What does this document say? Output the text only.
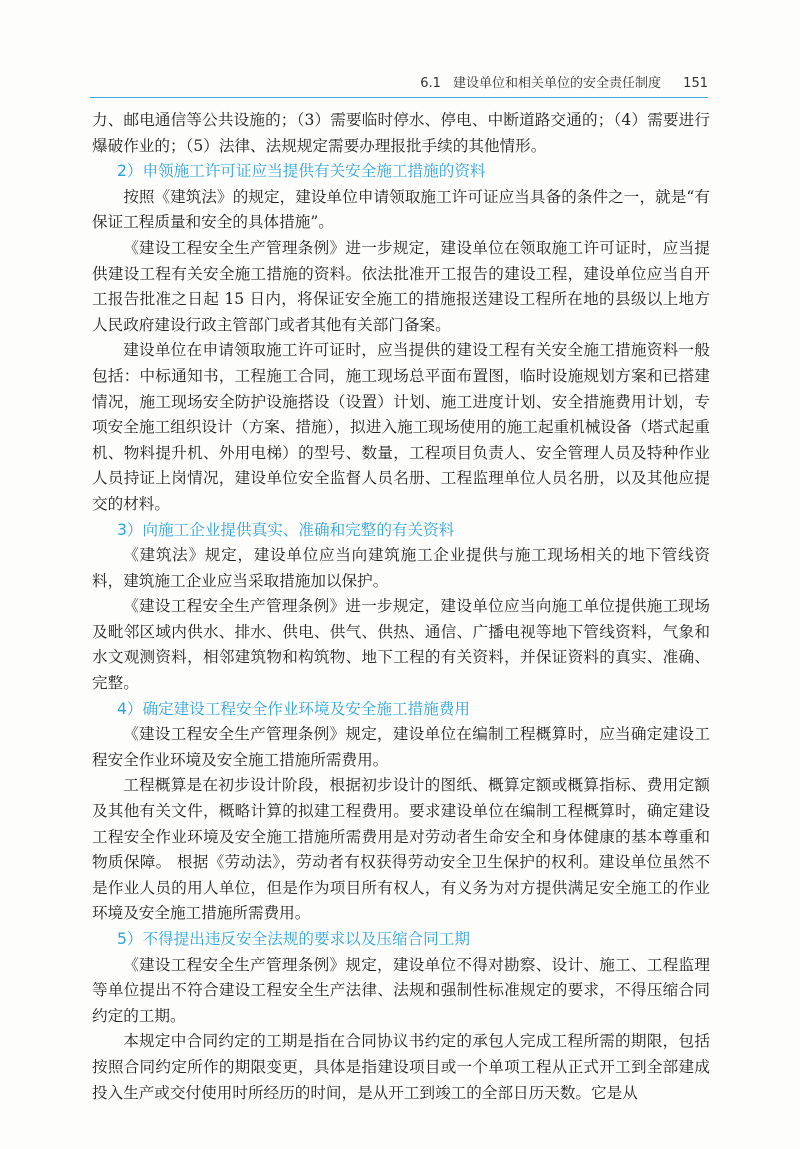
6.1 建设单位和相关单位的安全责任制度 151

力、邮电通信等公共设施的；（3）需要临时停水、停电、中断道路交通的；（4）需要进行爆破作业的；（5）法律、法规规定需要办理报批手续的其他情形。

2）申领施工许可证应当提供有关安全施工措施的资料

按照《建筑法》的规定，建设单位申请领取施工许可证应当具备的条件之一，就是“有保证工程质量和安全的具体措施”。

《建设工程安全生产管理条例》进一步规定，建设单位在领取施工许可证时，应当提供建设工程有关安全施工措施的资料。依法批准开工报告的建设工程，建设单位应当自开工报告批准之日起 15 日内，将保证安全施工的措施报送建设工程所在地的县级以上地方人民政府建设行政主管部门或者其他有关部门备案。

建设单位在申请领取施工许可证时，应当提供的建设工程有关安全施工措施资料一般包括：中标通知书，工程施工合同，施工现场总平面布置图，临时设施规划方案和已搭建情况，施工现场安全防护设施搭设（设置）计划、施工进度计划、安全措施费用计划，专项安全施工组织设计（方案、措施），拟进入施工现场使用的施工起重机械设备（塔式起重机、物料提升机、外用电梯）的型号、数量，工程项目负责人、安全管理人员及特种作业人员持证上岗情况，建设单位安全监督人员名册、工程监理单位人员名册，以及其他应提交的材料。

3）向施工企业提供真实、准确和完整的有关资料

《建筑法》规定，建设单位应当向建筑施工企业提供与施工现场相关的地下管线资料，建筑施工企业应当采取措施加以保护。

《建设工程安全生产管理条例》进一步规定，建设单位应当向施工单位提供施工现场及毗邻区域内供水、排水、供电、供气、供热、通信、广播电视等地下管线资料，气象和水文观测资料，相邻建筑物和构筑物、地下工程的有关资料，并保证资料的真实、准确、完整。

4）确定建设工程安全作业环境及安全施工措施费用

《建设工程安全生产管理条例》规定，建设单位在编制工程概算时，应当确定建设工程安全作业环境及安全施工措施所需费用。

工程概算是在初步设计阶段，根据初步设计的图纸、概算定额或概算指标、费用定额及其他有关文件，概略计算的拟建工程费用。要求建设单位在编制工程概算时，确定建设工程安全作业环境及安全施工措施所需费用是对劳动者生命安全和身体健康的基本尊重和物质保障。 根据《劳动法》，劳动者有权获得劳动安全卫生保护的权利。建设单位虽然不是作业人员的用人单位，但是作为项目所有权人，有义务为对方提供满足安全施工的作业环境及安全施工措施所需费用。

5）不得提出违反安全法规的要求以及压缩合同工期

《建设工程安全生产管理条例》规定，建设单位不得对勘察、设计、施工、工程监理等单位提出不符合建设工程安全生产法律、法规和强制性标准规定的要求，不得压缩合同约定的工期。

本规定中合同约定的工期是指在合同协议书约定的承包人完成工程所需的期限，包括按照合同约定所作的期限变更，具体是指建设项目或一个单项工程从正式开工到全部建成投入生产或交付使用时所经历的时间，是从开工到竣工的全部日历天数。它是从
